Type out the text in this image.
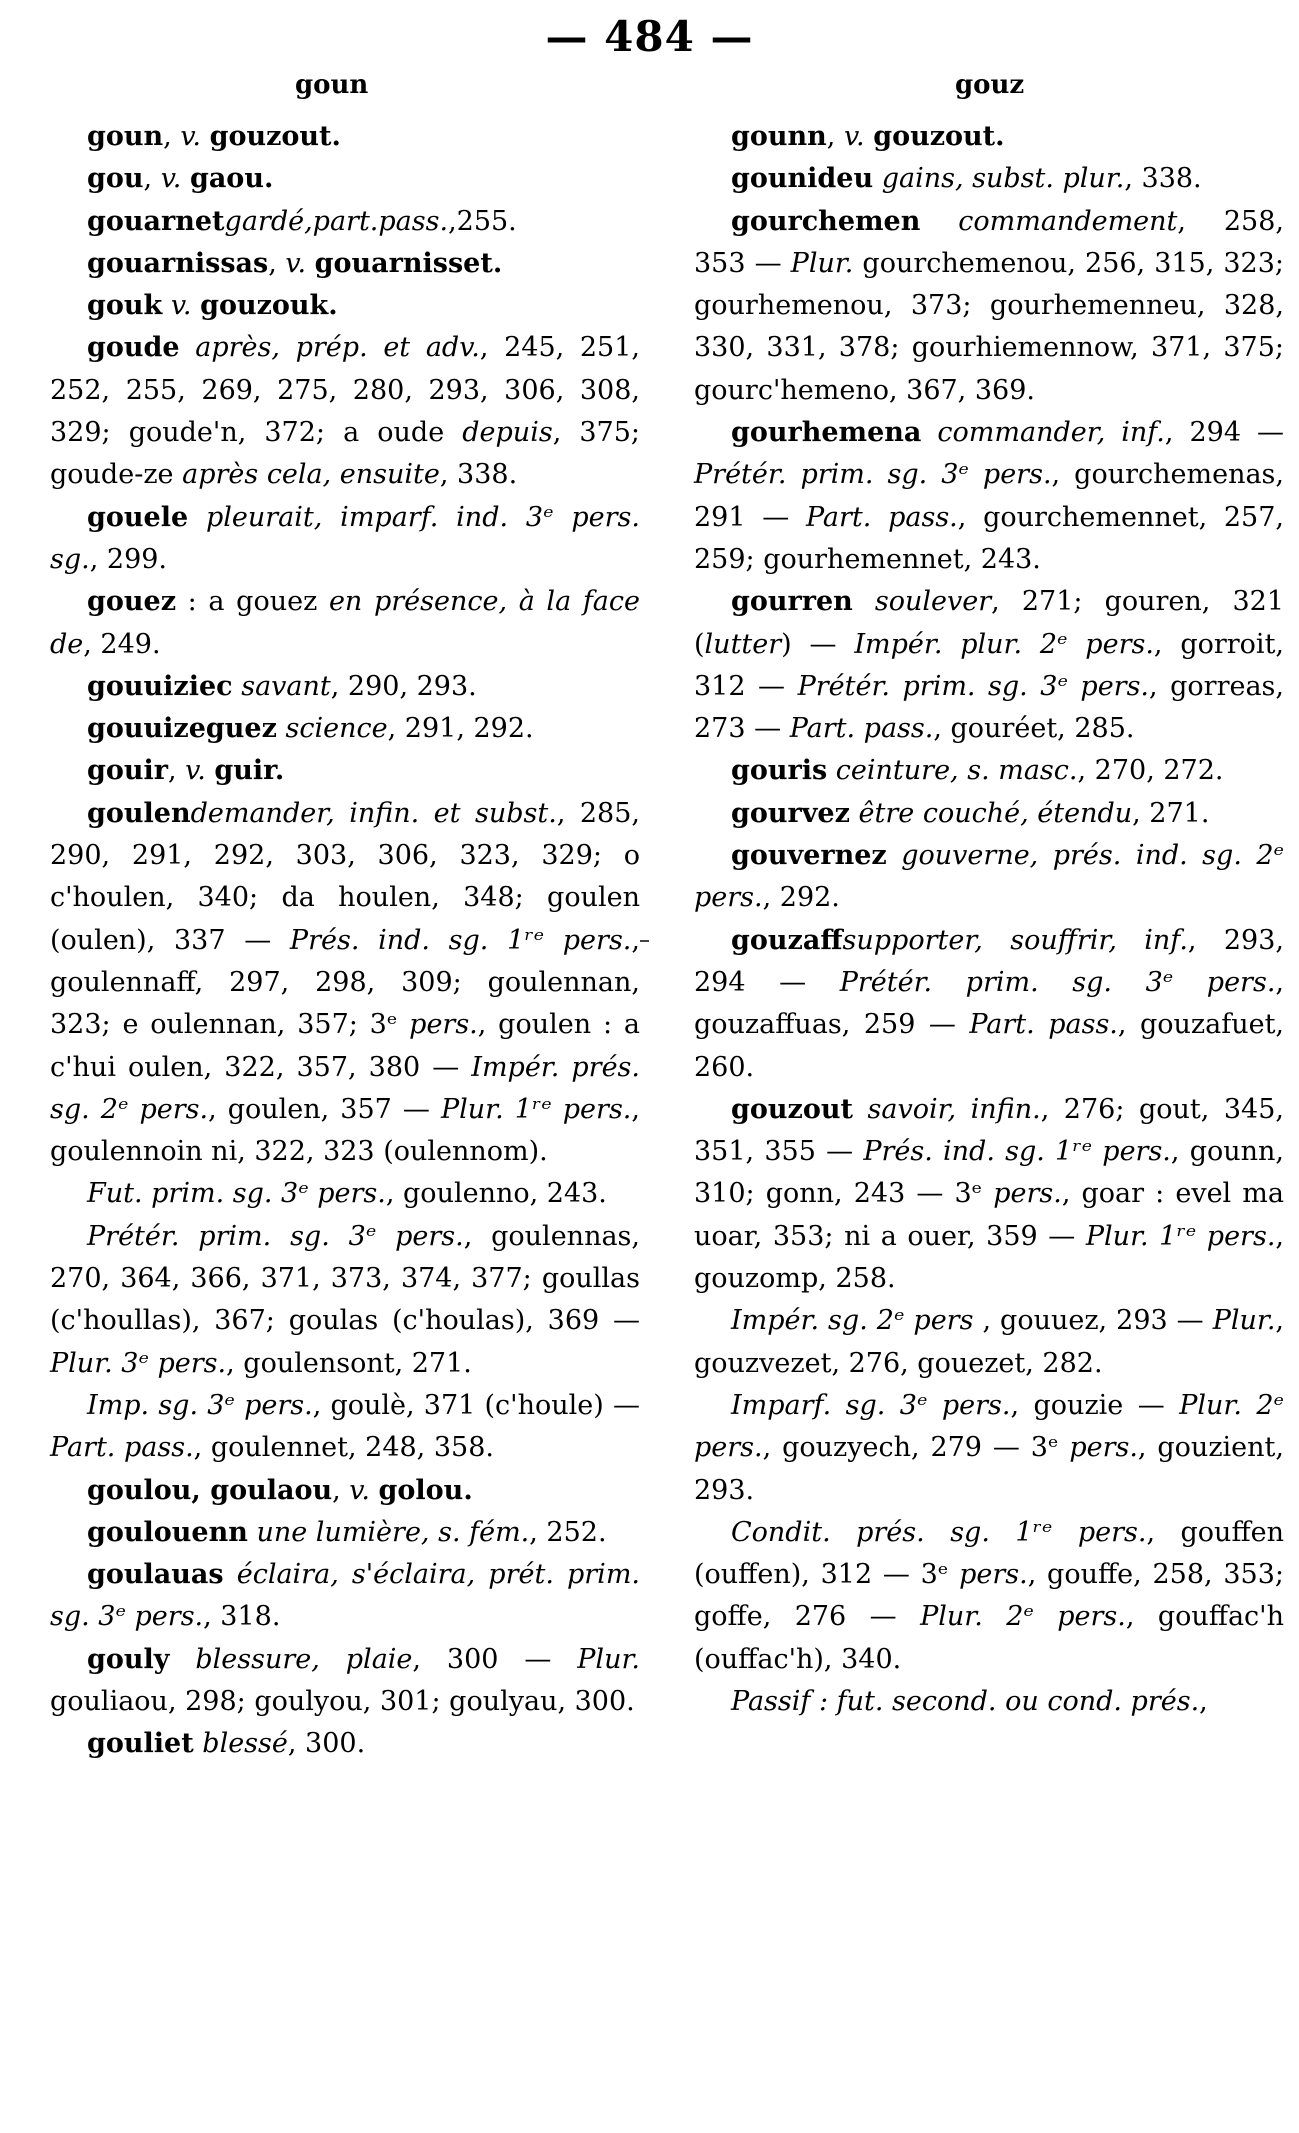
— 484 —
goun	gouz

goun, v. gouzout.

gou, v. gaou.

gouarnetgardé,part.pass.,255.

gouarnissas, v. gouarnisset.

gouk v. gouzouk.

goude après, prép. et adv., 245, 251, 252, 255, 269, 275, 280, 293, 306, 308, 329; goude'n, 372; a oude depuis, 375; goude-ze après cela, ensuite, 338.

gouele pleurait, imparf. ind. 3ᵉ pers. sg., 299.

gouez : a gouez en présence, à la face de, 249.

gouuiziec savant, 290, 293.

gouuizeguez science, 291, 292.

gouir, v. guir.

goulendemander, infin. et subst., 285, 290, 291, 292, 303, 306, 323, 329; o c'houlen, 340; da houlen, 348; goulen (oulen), 337 — Prés. ind. sg. 1ʳᵉ pers., goulennaff, 297, 298, 309; goulennan, 323; e oulennan, 357; 3ᵉ pers., goulen : a c'hui oulen, 322, 357, 380 — Impér. prés. sg. 2ᵉ pers., goulen, 357 — Plur. 1ʳᵉ pers., goulennoin ni, 322, 323 (oulennom).

Fut. prim. sg. 3ᵉ pers., goulenno, 243.

Prétér. prim. sg. 3ᵉ pers., goulennas, 270, 364, 366, 371, 373, 374, 377; goullas (c'houllas), 367; goulas (c'houlas), 369 — Plur. 3ᵉ pers., goulensont, 271.

Imp. sg. 3ᵉ pers., goulè, 371 (c'houle) — Part. pass., goulennet, 248, 358.

goulou, goulaou, v. golou.

goulouenn une lumière, s. fém., 252.

goulauas éclaira, s'éclaira, prét. prim. sg. 3ᵉ pers., 318.

gouly blessure, plaie, 300 — Plur. gouliaou, 298; goulyou, 301; goulyau, 300.

gouliet blessé, 300.

gounn, v. gouzout.

gounideu gains, subst. plur., 338.

gourchemen commandement, 258, 353 — Plur. gourchemenou, 256, 315, 323; gourhemenou, 373; gourhemenneu, 328, 330, 331, 378; gourhiemennow, 371, 375; gourc'hemeno, 367, 369.

gourhemena commander, inf., 294 — Prétér. prim. sg. 3ᵉ pers., gourchemenas, 291 — Part. pass., gourchemennet, 257, 259; gourhemennet, 243.

gourren soulever, 271; gouren, 321 (lutter) — Impér. plur. 2ᵉ pers., gorroit, 312 — Prétér. prim. sg. 3ᵉ pers., gorreas, 273 — Part. pass., gouréet, 285.

gouris ceinture, s. masc., 270, 272.

gourvez être couché, étendu, 271.

gouvernez gouverne, prés. ind. sg. 2ᵉ pers., 292.

gouzaffsupporter, souffrir, inf., 293, 294 — Prétér. prim. sg. 3ᵉ pers., gouzaffuas, 259 — Part. pass., gouzafuet, 260.

gouzout savoir, infin., 276; gout, 345, 351, 355 — Prés. ind. sg. 1ʳᵉ pers., gounn, 310; gonn, 243 — 3ᵉ pers., goar : evel ma uoar, 353; ni a ouer, 359 — Plur. 1ʳᵉ pers., gouzomp, 258.

Impér. sg. 2ᵉ pers , gouuez, 293 — Plur., gouzvezet, 276, gouezet, 282.

Imparf. sg. 3ᵉ pers., gouzie — Plur. 2ᵉ pers., gouzyech, 279 — 3ᵉ pers., gouzient, 293.

Condit. prés. sg. 1ʳᵉ pers., gouffen (ouffen), 312 — 3ᵉ pers., gouffe, 258, 353; goffe, 276 — Plur. 2ᵉ pers., gouffac'h (ouffac'h), 340.

Passif : fut. second. ou cond. prés.,
